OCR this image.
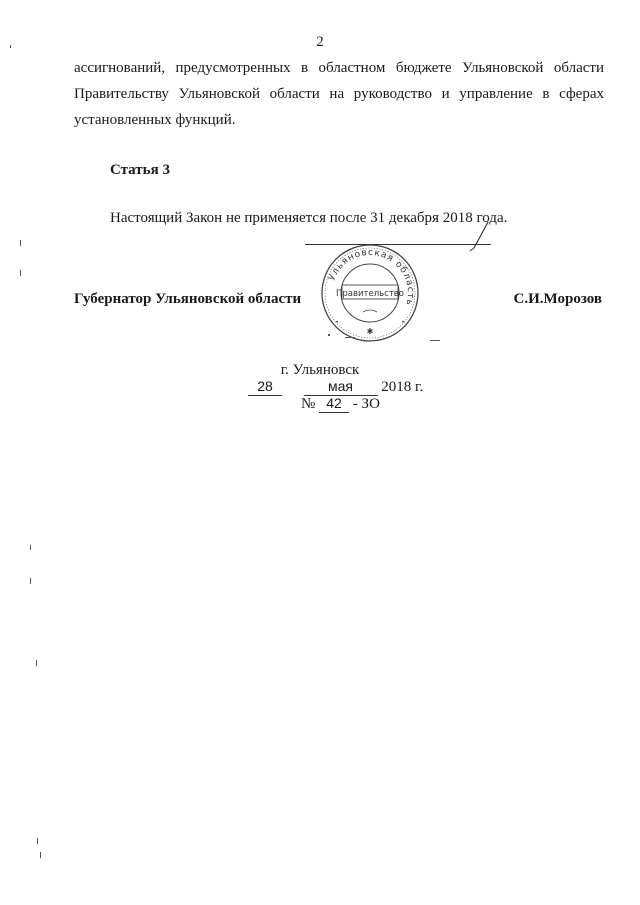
2

ассигнований, предусмотренных в областном бюджете Ульяновской области

Правительству Ульяновской области на руководство и управление в сферах

установленных функций.

Статья 3
Настоящий Закон не применяется после 31 декабря 2018 года.
Ульяновская область
Правительство
✱
•	•
Губернатор Ульяновской области	С.И.Морозов
г. Ульяновск
28	мая 2018 г.
№ 42 - ЗО
